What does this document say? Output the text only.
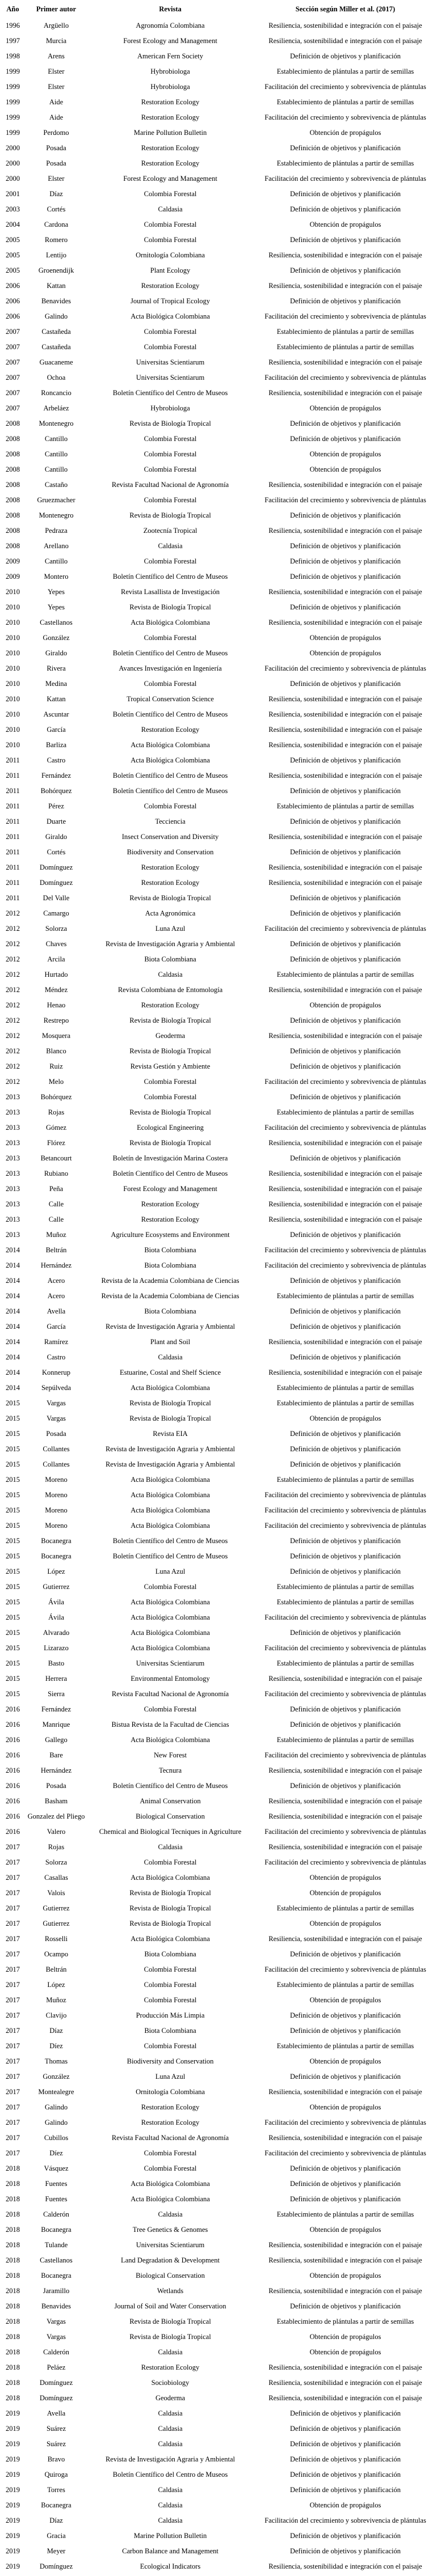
Año	Primer autor	Revista	Sección según Miller et al. (2017)
1996	Argüello	Agronomía Colombiana	Resiliencia, sostenibilidad e integración con el paisaje
1997	Murcia	Forest Ecology and Management	Resiliencia, sostenibilidad e integración con el paisaje
1998	Arens	American Fern Society	Definición de objetivos y planificación
1999	Elster	Hybrobiologa	Establecimiento de plántulas a partir de semillas
1999	Elster	Hybrobiologa	Facilitación del crecimiento y sobrevivencia de plántulas
1999	Aide	Restoration Ecology	Establecimiento de plántulas a partir de semillas
1999	Aide	Restoration Ecology	Facilitación del crecimiento y sobrevivencia de plántulas
1999	Perdomo	Marine Pollution Bulletin	Obtención de propágulos
2000	Posada	Restoration Ecology	Definición de objetivos y planificación
2000	Posada	Restoration Ecology	Establecimiento de plántulas a partir de semillas
2000	Elster	Forest Ecology and Management	Facilitación del crecimiento y sobrevivencia de plántulas
2001	Díaz	Colombia Forestal	Definición de objetivos y planificación
2003	Cortés	Caldasia	Definición de objetivos y planificación
2004	Cardona	Colombia Forestal	Obtención de propágulos
2005	Romero	Colombia Forestal	Definición de objetivos y planificación
2005	Lentijo	Ornitología Colombiana	Resiliencia, sostenibilidad e integración con el paisaje
2005	Groenendijk	Plant Ecology	Definición de objetivos y planificación
2006	Kattan	Restoration Ecology	Resiliencia, sostenibilidad e integración con el paisaje
2006	Benavides	Journal of Tropical Ecology	Definición de objetivos y planificación
2006	Galindo	Acta Biológica Colombiana	Facilitación del crecimiento y sobrevivencia de plántulas
2007	Castañeda	Colombia Forestal	Establecimiento de plántulas a partir de semillas
2007	Castañeda	Colombia Forestal	Establecimiento de plántulas a partir de semillas
2007	Guacaneme	Universitas Scientiarum	Resiliencia, sostenibilidad e integración con el paisaje
2007	Ochoa	Universitas Scientiarum	Facilitación del crecimiento y sobrevivencia de plántulas
2007	Roncancio	Boletín Científico del Centro de Museos	Resiliencia, sostenibilidad e integración con el paisaje
2007	Arbeláez	Hybrobiologa	Obtención de propágulos
2008	Montenegro	Revista de Biología Tropical	Definición de objetivos y planificación
2008	Cantillo	Colombia Forestal	Definición de objetivos y planificación
2008	Cantillo	Colombia Forestal	Obtención de propágulos
2008	Cantillo	Colombia Forestal	Obtención de propágulos
2008	Castaño	Revista Facultad Nacional de Agronomía	Resiliencia, sostenibilidad e integración con el paisaje
2008	Gruezmacher	Colombia Forestal	Facilitación del crecimiento y sobrevivencia de plántulas
2008	Montenegro	Revista de Biología Tropical	Definición de objetivos y planificación
2008	Pedraza	Zootecnía Tropical	Resiliencia, sostenibilidad e integración con el paisaje
2008	Arellano	Caldasia	Definición de objetivos y planificación
2009	Cantillo	Colombia Forestal	Definición de objetivos y planificación
2009	Montero	Boletín Científico del Centro de Museos	Definición de objetivos y planificación
2010	Yepes	Revista Lasallista de Investigación	Resiliencia, sostenibilidad e integración con el paisaje
2010	Yepes	Revista de Biología Tropical	Definición de objetivos y planificación
2010	Castellanos	Acta Biológica Colombiana	Resiliencia, sostenibilidad e integración con el paisaje
2010	González	Colombia Forestal	Obtención de propágulos
2010	Giraldo	Boletín Científico del Centro de Museos	Obtención de propágulos
2010	Rivera	Avances Investigación en Ingeniería	Facilitación del crecimiento y sobrevivencia de plántulas
2010	Medina	Colombia Forestal	Definición de objetivos y planificación
2010	Kattan	Tropical Conservation Science	Resiliencia, sostenibilidad e integración con el paisaje
2010	Ascuntar	Boletín Científico del Centro de Museos	Resiliencia, sostenibilidad e integración con el paisaje
2010	García	Restoration Ecology	Resiliencia, sostenibilidad e integración con el paisaje
2010	Barliza	Acta Biológica Colombiana	Resiliencia, sostenibilidad e integración con el paisaje
2011	Castro	Acta Biológica Colombiana	Definición de objetivos y planificación
2011	Fernández	Boletín Científico del Centro de Museos	Resiliencia, sostenibilidad e integración con el paisaje
2011	Bohórquez	Boletín Científico del Centro de Museos	Definición de objetivos y planificación
2011	Pérez	Colombia Forestal	Establecimiento de plántulas a partir de semillas
2011	Duarte	Tecciencia	Definición de objetivos y planificación
2011	Giraldo	Insect Conservation and Diversity	Resiliencia, sostenibilidad e integración con el paisaje
2011	Cortés	Biodiversity and Conservation	Definición de objetivos y planificación
2011	Domínguez	Restoration Ecology	Resiliencia, sostenibilidad e integración con el paisaje
2011	Domínguez	Restoration Ecology	Resiliencia, sostenibilidad e integración con el paisaje
2011	Del Valle	Revista de Biología Tropical	Definición de objetivos y planificación
2012	Camargo	Acta Agronómica	Definición de objetivos y planificación
2012	Solorza	Luna Azul	Facilitación del crecimiento y sobrevivencia de plántulas
2012	Chaves	Revista de Investigación Agraria y Ambiental	Definición de objetivos y planificación
2012	Arcila	Biota Colombiana	Definición de objetivos y planificación
2012	Hurtado	Caldasia	Establecimiento de plántulas a partir de semillas
2012	Méndez	Revista Colombiana de Entomología	Resiliencia, sostenibilidad e integración con el paisaje
2012	Henao	Restoration Ecology	Obtención de propágulos
2012	Restrepo	Revista de Biología Tropical	Definición de objetivos y planificación
2012	Mosquera	Geoderma	Resiliencia, sostenibilidad e integración con el paisaje
2012	Blanco	Revista de Biología Tropical	Definición de objetivos y planificación
2012	Ruiz	Revista Gestión y Ambiente	Definición de objetivos y planificación
2012	Melo	Colombia Forestal	Facilitación del crecimiento y sobrevivencia de plántulas
2013	Bohórquez	Colombia Forestal	Definición de objetivos y planificación
2013	Rojas	Revista de Biología Tropical	Establecimiento de plántulas a partir de semillas
2013	Gómez	Ecological Engineering	Facilitación del crecimiento y sobrevivencia de plántulas
2013	Flórez	Revista de Biología Tropical	Resiliencia, sostenibilidad e integración con el paisaje
2013	Betancourt	Boletín de Investigación Marina Costera	Definición de objetivos y planificación
2013	Rubiano	Boletín Científico del Centro de Museos	Resiliencia, sostenibilidad e integración con el paisaje
2013	Peña	Forest Ecology and Management	Resiliencia, sostenibilidad e integración con el paisaje
2013	Calle	Restoration Ecology	Resiliencia, sostenibilidad e integración con el paisaje
2013	Calle	Restoration Ecology	Resiliencia, sostenibilidad e integración con el paisaje
2013	Muñoz	Agriculture Ecosystems and Environment	Definición de objetivos y planificación
2014	Beltrán	Biota Colombiana	Facilitación del crecimiento y sobrevivencia de plántulas
2014	Hernández	Biota Colombiana	Facilitación del crecimiento y sobrevivencia de plántulas
2014	Acero	Revista de la Academia Colombiana de Ciencias	Definición de objetivos y planificación
2014	Acero	Revista de la Academia Colombiana de Ciencias	Establecimiento de plántulas a partir de semillas
2014	Avella	Biota Colombiana	Definición de objetivos y planificación
2014	García	Revista de Investigación Agraria y Ambiental	Definición de objetivos y planificación
2014	Ramírez	Plant and Soil	Resiliencia, sostenibilidad e integración con el paisaje
2014	Castro	Caldasia	Definición de objetivos y planificación
2014	Konnerup	Estuarine, Costal and Shelf Science	Resiliencia, sostenibilidad e integración con el paisaje
2014	Sepúlveda	Acta Biológica Colombiana	Establecimiento de plántulas a partir de semillas
2015	Vargas	Revista de Biología Tropical	Establecimiento de plántulas a partir de semillas
2015	Vargas	Revista de Biología Tropical	Obtención de propágulos
2015	Posada	Revista EIA	Definición de objetivos y planificación
2015	Collantes	Revista de Investigación Agraria y Ambiental	Definición de objetivos y planificación
2015	Collantes	Revista de Investigación Agraria y Ambiental	Definición de objetivos y planificación
2015	Moreno	Acta Biológica Colombiana	Establecimiento de plántulas a partir de semillas
2015	Moreno	Acta Biológica Colombiana	Facilitación del crecimiento y sobrevivencia de plántulas
2015	Moreno	Acta Biológica Colombiana	Facilitación del crecimiento y sobrevivencia de plántulas
2015	Moreno	Acta Biológica Colombiana	Facilitación del crecimiento y sobrevivencia de plántulas
2015	Bocanegra	Boletín Científico del Centro de Museos	Definición de objetivos y planificación
2015	Bocanegra	Boletín Científico del Centro de Museos	Definición de objetivos y planificación
2015	López	Luna Azul	Definición de objetivos y planificación
2015	Gutierrez	Colombia Forestal	Establecimiento de plántulas a partir de semillas
2015	Ávila	Acta Biológica Colombiana	Establecimiento de plántulas a partir de semillas
2015	Ávila	Acta Biológica Colombiana	Facilitación del crecimiento y sobrevivencia de plántulas
2015	Alvarado	Acta Biológica Colombiana	Definición de objetivos y planificación
2015	Lizarazo	Acta Biológica Colombiana	Facilitación del crecimiento y sobrevivencia de plántulas
2015	Basto	Universitas Scientiarum	Establecimiento de plántulas a partir de semillas
2015	Herrera	Environmental Entomology	Resiliencia, sostenibilidad e integración con el paisaje
2015	Sierra	Revista Facultad Nacional de Agronomía	Facilitación del crecimiento y sobrevivencia de plántulas
2016	Fernández	Colombia Forestal	Definición de objetivos y planificación
2016	Manrique	Bistua Revista de la Facultad de Ciencias	Definición de objetivos y planificación
2016	Gallego	Acta Biológica Colombiana	Establecimiento de plántulas a partir de semillas
2016	Bare	New Forest	Facilitación del crecimiento y sobrevivencia de plántulas
2016	Hernández	Tecnura	Resiliencia, sostenibilidad e integración con el paisaje
2016	Posada	Boletín Científico del Centro de Museos	Definición de objetivos y planificación
2016	Basham	Animal Conservation	Resiliencia, sostenibilidad e integración con el paisaje
2016	Gonzalez del Pliego	Biological Conservation	Resiliencia, sostenibilidad e integración con el paisaje
2016	Valero	Chemical and Biological Tecniques in Agriculture	Facilitación del crecimiento y sobrevivencia de plántulas
2017	Rojas	Caldasia	Resiliencia, sostenibilidad e integración con el paisaje
2017	Solorza	Colombia Forestal	Facilitación del crecimiento y sobrevivencia de plántulas
2017	Casallas	Acta Biológica Colombiana	Obtención de propágulos
2017	Valois	Revista de Biología Tropical	Obtención de propágulos
2017	Gutierrez	Revista de Biología Tropical	Establecimiento de plántulas a partir de semillas
2017	Gutierrez	Revista de Biología Tropical	Obtención de propágulos
2017	Rosselli	Acta Biológica Colombiana	Resiliencia, sostenibilidad e integración con el paisaje
2017	Ocampo	Biota Colombiana	Definición de objetivos y planificación
2017	Beltrán	Colombia Forestal	Facilitación del crecimiento y sobrevivencia de plántulas
2017	López	Colombia Forestal	Establecimiento de plántulas a partir de semillas
2017	Muñoz	Colombia Forestal	Obtención de propágulos
2017	Clavijo	Producción Más Limpia	Definición de objetivos y planificación
2017	Díaz	Biota Colombiana	Definición de objetivos y planificación
2017	Díez	Colombia Forestal	Establecimiento de plántulas a partir de semillas
2017	Thomas	Biodiversity and Conservation	Obtención de propágulos
2017	González	Luna Azul	Definición de objetivos y planificación
2017	Montealegre	Ornitología Colombiana	Resiliencia, sostenibilidad e integración con el paisaje
2017	Galindo	Restoration Ecology	Obtención de propágulos
2017	Galindo	Restoration Ecology	Facilitación del crecimiento y sobrevivencia de plántulas
2017	Cubillos	Revista Facultad Nacional de Agronomía	Resiliencia, sostenibilidad e integración con el paisaje
2017	Díez	Colombia Forestal	Facilitación del crecimiento y sobrevivencia de plántulas
2018	Vásquez	Colombia Forestal	Definición de objetivos y planificación
2018	Fuentes	Acta Biológica Colombiana	Definición de objetivos y planificación
2018	Fuentes	Acta Biológica Colombiana	Definición de objetivos y planificación
2018	Calderón	Caldasia	Establecimiento de plántulas a partir de semillas
2018	Bocanegra	Tree Genetics & Genomes	Obtención de propágulos
2018	Tulande	Universitas Scientiarum	Resiliencia, sostenibilidad e integración con el paisaje
2018	Castellanos	Land Degradation & Development	Resiliencia, sostenibilidad e integración con el paisaje
2018	Bocanegra	Biological Conservation	Obtención de propágulos
2018	Jaramillo	Wetlands	Resiliencia, sostenibilidad e integración con el paisaje
2018	Benavides	Journal of Soil and Water Conservation	Definición de objetivos y planificación
2018	Vargas	Revista de Biología Tropical	Establecimiento de plántulas a partir de semillas
2018	Vargas	Revista de Biología Tropical	Obtención de propágulos
2018	Calderón	Caldasia	Obtención de propágulos
2018	Peláez	Restoration Ecology	Resiliencia, sostenibilidad e integración con el paisaje
2018	Domínguez	Sociobiology	Resiliencia, sostenibilidad e integración con el paisaje
2018	Domínguez	Geoderma	Resiliencia, sostenibilidad e integración con el paisaje
2019	Avella	Caldasia	Definición de objetivos y planificación
2019	Suárez	Caldasia	Definición de objetivos y planificación
2019	Suárez	Caldasia	Definición de objetivos y planificación
2019	Bravo	Revista de Investigación Agraria y Ambiental	Definición de objetivos y planificación
2019	Quiroga	Boletín Científico del Centro de Museos	Definición de objetivos y planificación
2019	Torres	Caldasia	Definición de objetivos y planificación
2019	Bocanegra	Caldasia	Obtención de propágulos
2019	Díaz	Caldasia	Facilitación del crecimiento y sobrevivencia de plántulas
2019	Gracia	Marine Pollution Bulletin	Definición de objetivos y planificación
2019	Meyer	Carbon Balance and Management	Definición de objetivos y planificación
2019	Domínguez	Ecological Indicators	Resiliencia, sostenibilidad e integración con el paisaje
